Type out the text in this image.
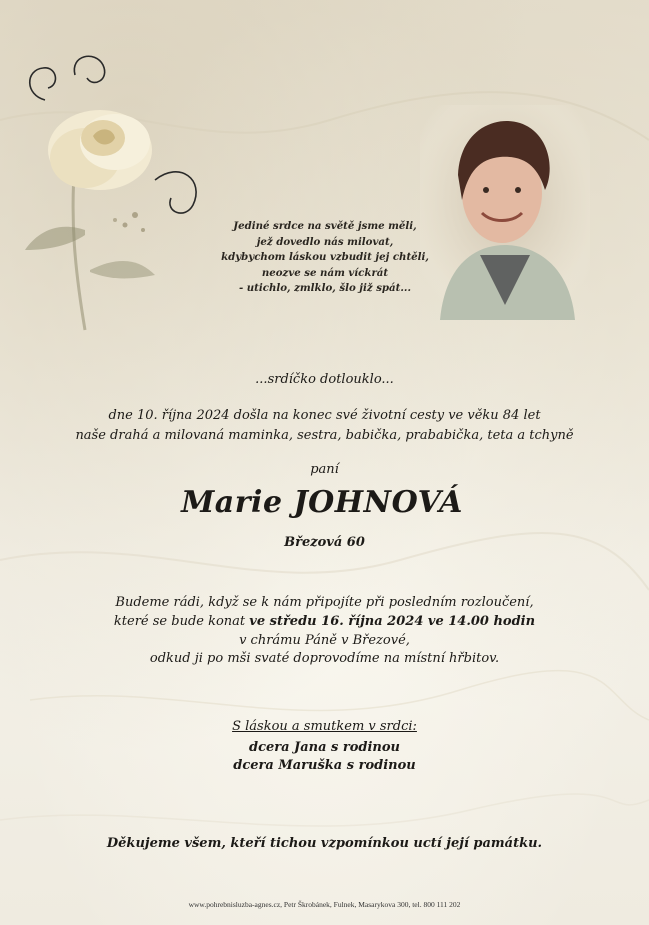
Jediné srdce na světě jsme měli,
jež dovedlo nás milovat,
kdybychom láskou vzbudit jej chtěli,
neozve se nám víckrát
- utichlo, zmlklo, šlo již spát...
...srdíčko dotlouklo...
dne 10. října 2024 došla na konec své životní cesty ve věku 84 let
naše drahá a milovaná maminka, sestra, babička, prababička, teta a tchyně
paní
Marie JOHNOVÁ
Březová 60
Budeme rádi, když se k nám připojíte při posledním rozloučení,
které se bude konat ve středu 16. října 2024 ve 14.00 hodin
v chrámu Páně v Březové,
odkud ji po mši svaté doprovodíme na místní hřbitov.
S láskou a smutkem v srdci:
dcera Jana s rodinou
dcera Maruška s rodinou
Děkujeme všem, kteří tichou vzpomínkou uctí její památku.
www.pohrebnisluzba-agnes.cz, Petr Škrobánek, Fulnek, Masarykova 300, tel. 800 111 202
